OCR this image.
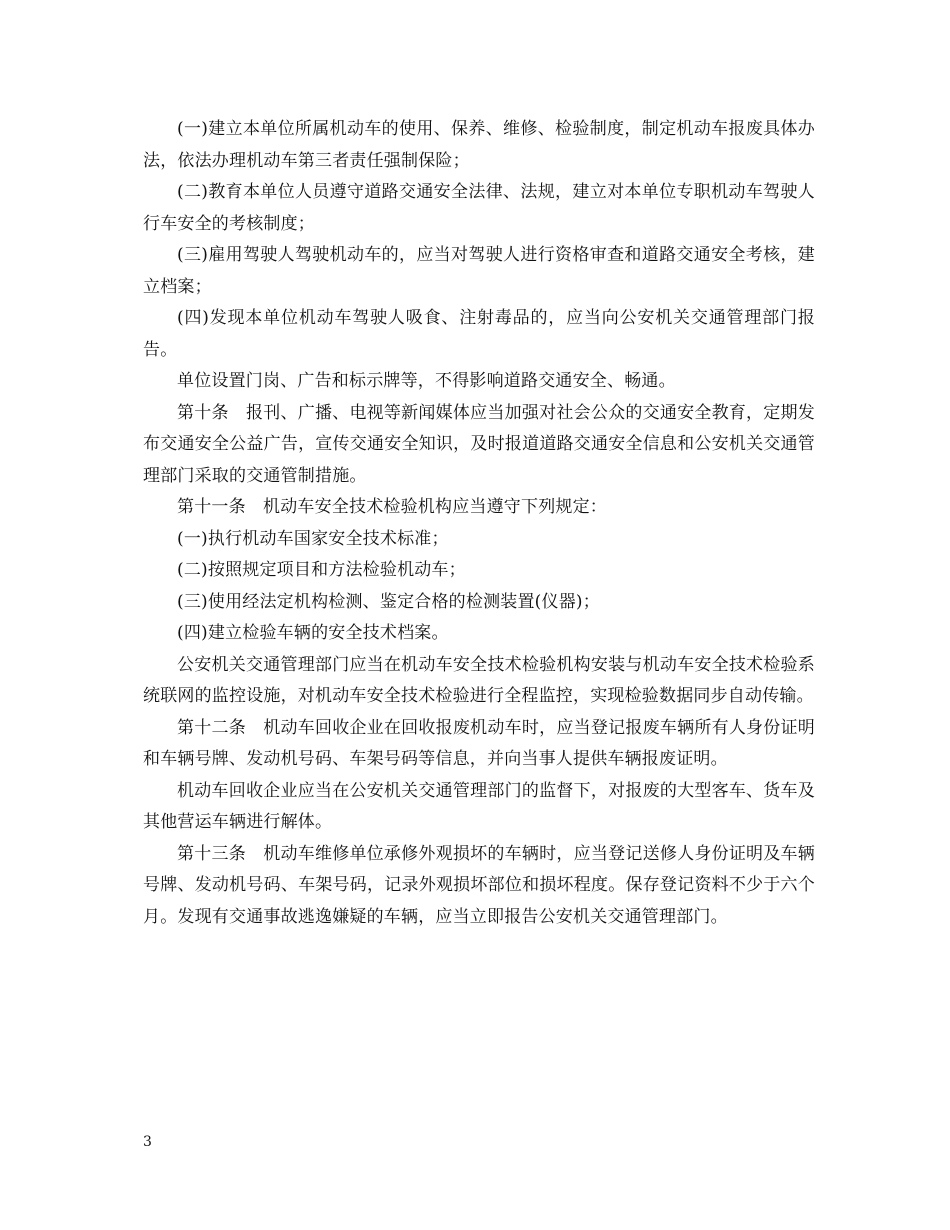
(一)建立本单位所属机动车的使用、保养、维修、检验制度，制定机动车报废具体办法，依法办理机动车第三者责任强制保险；

(二)教育本单位人员遵守道路交通安全法律、法规，建立对本单位专职机动车驾驶人行车安全的考核制度；

(三)雇用驾驶人驾驶机动车的，应当对驾驶人进行资格审查和道路交通安全考核，建立档案；

(四)发现本单位机动车驾驶人吸食、注射毒品的，应当向公安机关交通管理部门报告。

单位设置门岗、广告和标示牌等，不得影响道路交通安全、畅通。

第十条　报刊、广播、电视等新闻媒体应当加强对社会公众的交通安全教育，定期发布交通安全公益广告，宣传交通安全知识，及时报道道路交通安全信息和公安机关交通管理部门采取的交通管制措施。

第十一条　机动车安全技术检验机构应当遵守下列规定：

(一)执行机动车国家安全技术标准；

(二)按照规定项目和方法检验机动车；

(三)使用经法定机构检测、鉴定合格的检测装置(仪器)；

(四)建立检验车辆的安全技术档案。

公安机关交通管理部门应当在机动车安全技术检验机构安装与机动车安全技术检验系统联网的监控设施，对机动车安全技术检验进行全程监控，实现检验数据同步自动传输。

第十二条　机动车回收企业在回收报废机动车时，应当登记报废车辆所有人身份证明和车辆号牌、发动机号码、车架号码等信息，并向当事人提供车辆报废证明。

机动车回收企业应当在公安机关交通管理部门的监督下，对报废的大型客车、货车及其他营运车辆进行解体。

第十三条　机动车维修单位承修外观损坏的车辆时，应当登记送修人身份证明及车辆号牌、发动机号码、车架号码，记录外观损坏部位和损坏程度。保存登记资料不少于六个月。发现有交通事故逃逸嫌疑的车辆，应当立即报告公安机关交通管理部门。

3
